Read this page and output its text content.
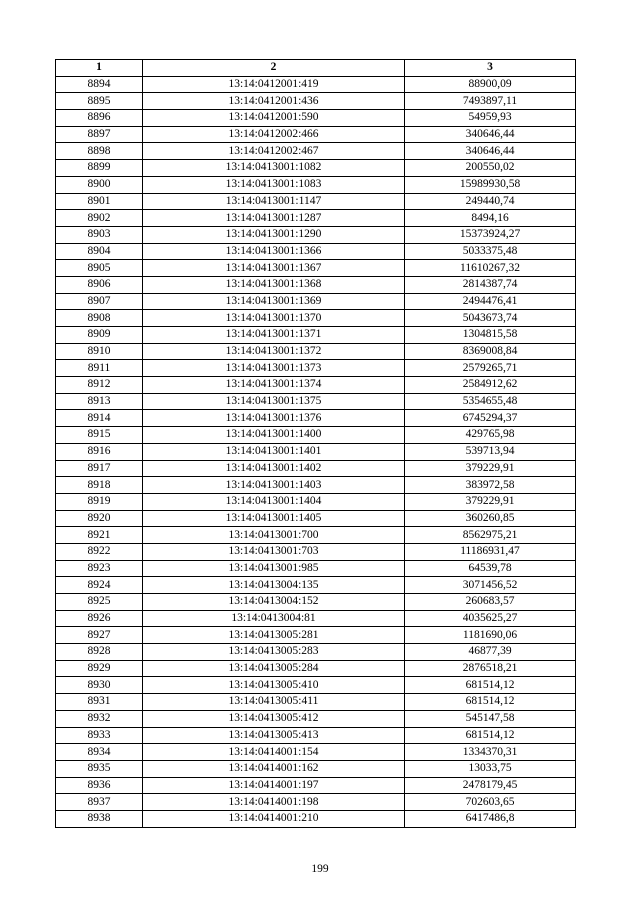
1	2	3
8894	13:14:0412001:419	88900,09
8895	13:14:0412001:436	7493897,11
8896	13:14:0412001:590	54959,93
8897	13:14:0412002:466	340646,44
8898	13:14:0412002:467	340646,44
8899	13:14:0413001:1082	200550,02
8900	13:14:0413001:1083	15989930,58
8901	13:14:0413001:1147	249440,74
8902	13:14:0413001:1287	8494,16
8903	13:14:0413001:1290	15373924,27
8904	13:14:0413001:1366	5033375,48
8905	13:14:0413001:1367	11610267,32
8906	13:14:0413001:1368	2814387,74
8907	13:14:0413001:1369	2494476,41
8908	13:14:0413001:1370	5043673,74
8909	13:14:0413001:1371	1304815,58
8910	13:14:0413001:1372	8369008,84
8911	13:14:0413001:1373	2579265,71
8912	13:14:0413001:1374	2584912,62
8913	13:14:0413001:1375	5354655,48
8914	13:14:0413001:1376	6745294,37
8915	13:14:0413001:1400	429765,98
8916	13:14:0413001:1401	539713,94
8917	13:14:0413001:1402	379229,91
8918	13:14:0413001:1403	383972,58
8919	13:14:0413001:1404	379229,91
8920	13:14:0413001:1405	360260,85
8921	13:14:0413001:700	8562975,21
8922	13:14:0413001:703	11186931,47
8923	13:14:0413001:985	64539,78
8924	13:14:0413004:135	3071456,52
8925	13:14:0413004:152	260683,57
8926	13:14:0413004:81	4035625,27
8927	13:14:0413005:281	1181690,06
8928	13:14:0413005:283	46877,39
8929	13:14:0413005:284	2876518,21
8930	13:14:0413005:410	681514,12
8931	13:14:0413005:411	681514,12
8932	13:14:0413005:412	545147,58
8933	13:14:0413005:413	681514,12
8934	13:14:0414001:154	1334370,31
8935	13:14:0414001:162	13033,75
8936	13:14:0414001:197	2478179,45
8937	13:14:0414001:198	702603,65
8938	13:14:0414001:210	6417486,8
199
